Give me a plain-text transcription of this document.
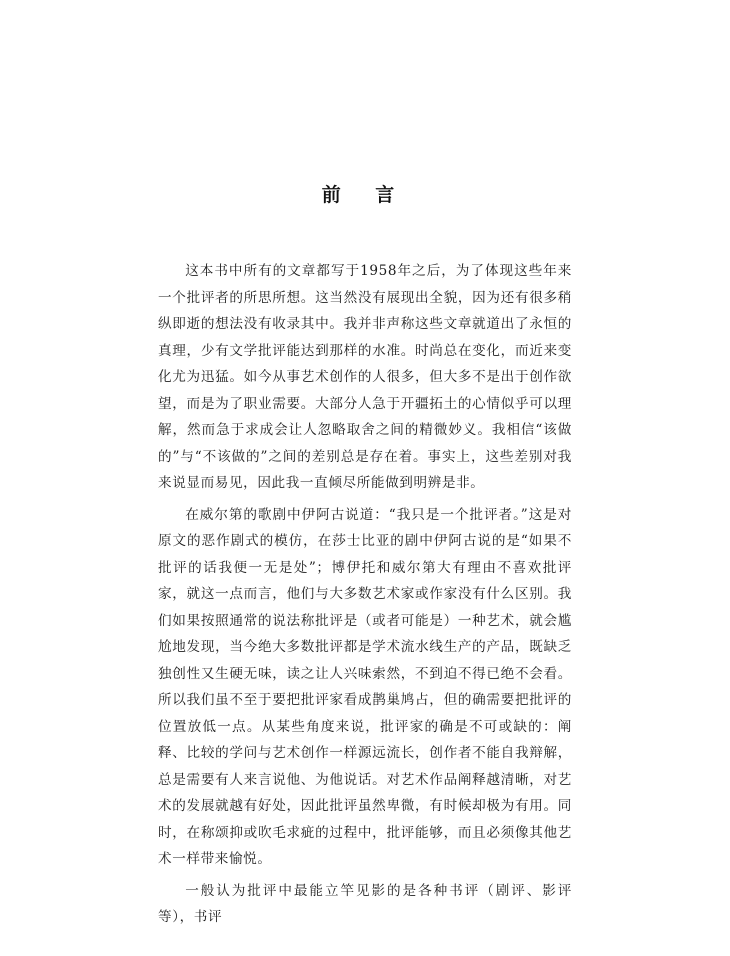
前 言

这本书中所有的文章都写于1958年之后，为了体现这些年来一个批评者的所思所想。这当然没有展现出全貌，因为还有很多稍纵即逝的想法没有收录其中。我并非声称这些文章就道出了永恒的真理，少有文学批评能达到那样的水准。时尚总在变化，而近来变化尤为迅猛。如今从事艺术创作的人很多，但大多不是出于创作欲望，而是为了职业需要。大部分人急于开疆拓土的心情似乎可以理解，然而急于求成会让人忽略取舍之间的精微妙义。我相信“该做的”与“不该做的”之间的差别总是存在着。事实上，这些差别对我来说显而易见，因此我一直倾尽所能做到明辨是非。

在威尔第的歌剧中伊阿古说道：“我只是一个批评者。”这是对原文的恶作剧式的模仿，在莎士比亚的剧中伊阿古说的是“如果不批评的话我便一无是处”；博伊托和威尔第大有理由不喜欢批评家，就这一点而言，他们与大多数艺术家或作家没有什么区别。我们如果按照通常的说法称批评是（或者可能是）一种艺术，就会尴尬地发现，当今绝大多数批评都是学术流水线生产的产品，既缺乏独创性又生硬无味，读之让人兴味索然，不到迫不得已绝不会看。所以我们虽不至于要把批评家看成鹊巢鸠占，但的确需要把批评的位置放低一点。从某些角度来说，批评家的确是不可或缺的：阐释、比较的学问与艺术创作一样源远流长，创作者不能自我辩解，总是需要有人来言说他、为他说话。对艺术作品阐释越清晰，对艺术的发展就越有好处，因此批评虽然卑微，有时候却极为有用。同时，在称颂抑或吹毛求疵的过程中，批评能够，而且必须像其他艺术一样带来愉悦。

一般认为批评中最能立竿见影的是各种书评（剧评、影评等），书评
